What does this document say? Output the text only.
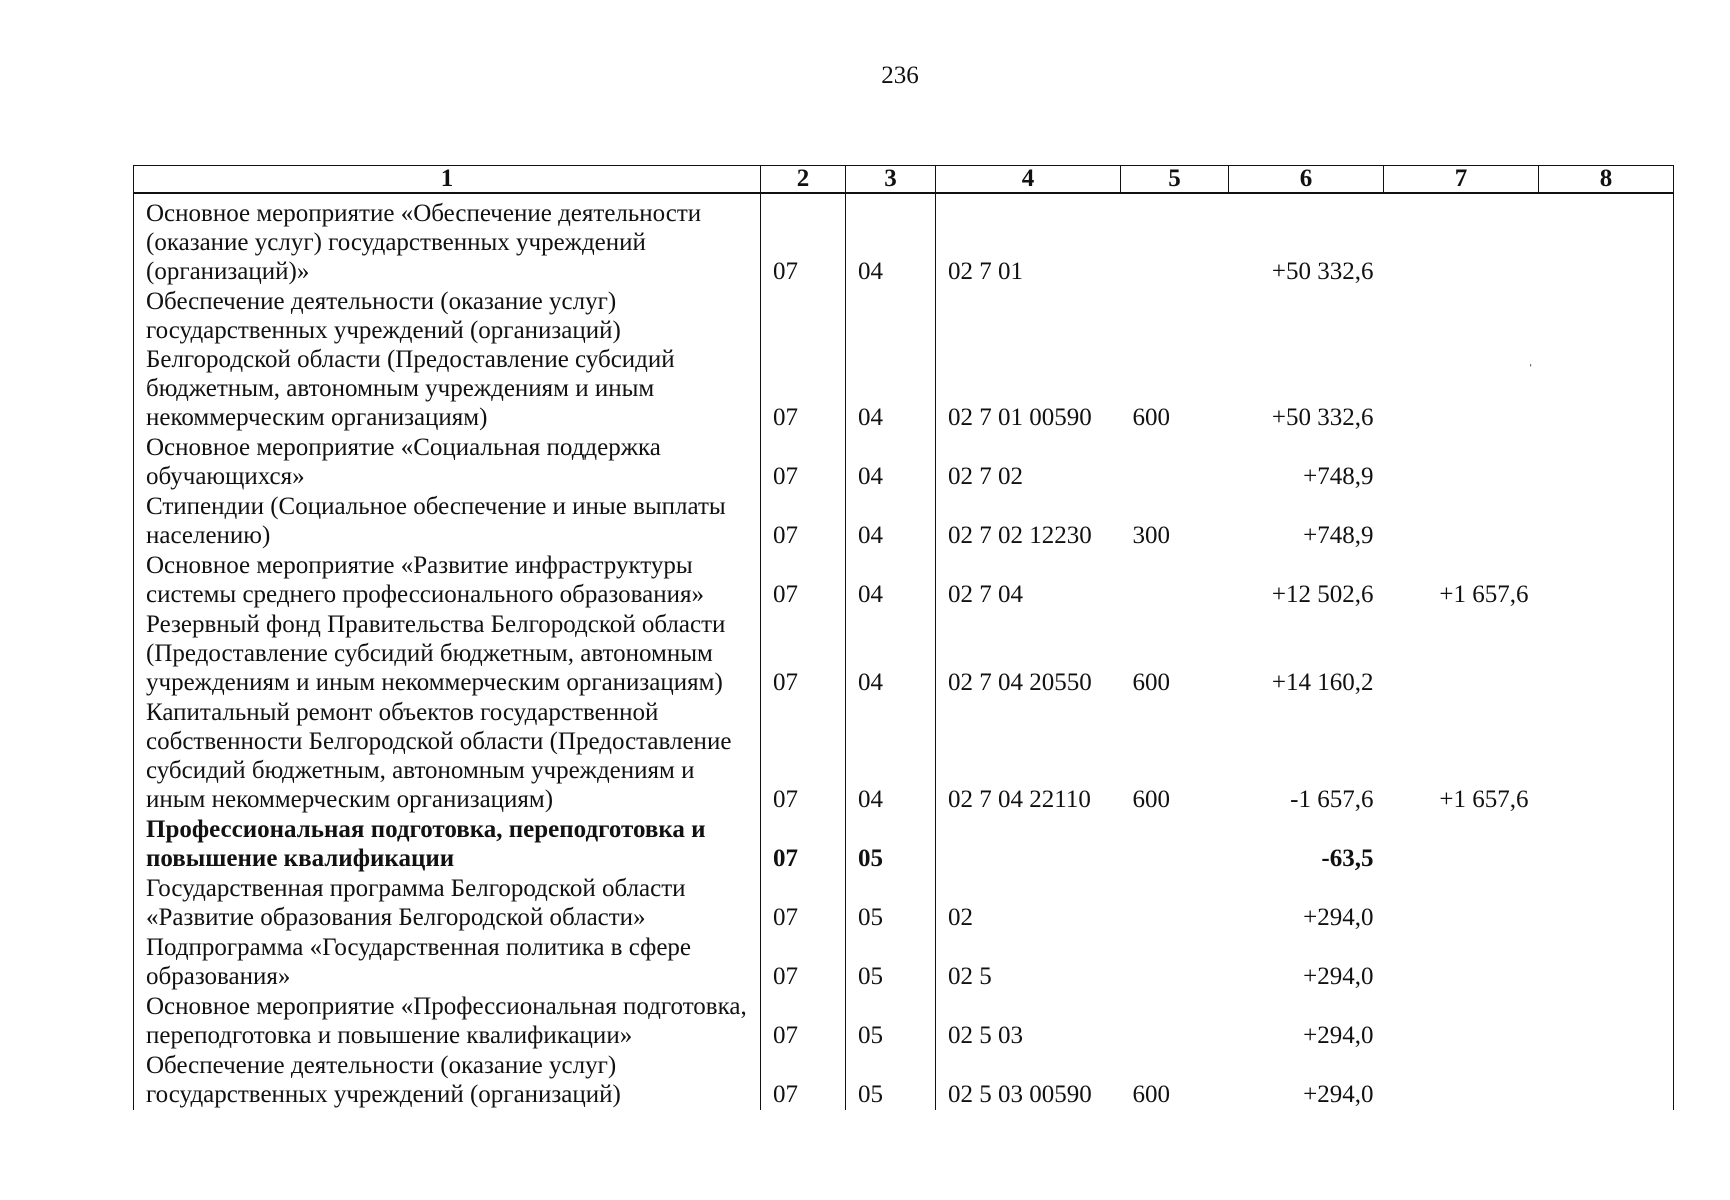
236
1	2	3	4	5	6	7	8
Основное мероприятие «Обеспечение деятельности (оказание услуг) государственных учреждений (организаций)»	07	04	02 7 01		+50 332,6		
Обеспечение деятельности (оказание услуг) государственных учреждений (организаций) Белгородской области (Предоставление субсидий бюджетным, автономным учреждениям и иным некоммерческим организациям)	07	04	02 7 01 00590	600	+50 332,6		
Основное мероприятие «Социальная поддержка обучающихся»	07	04	02 7 02		+748,9		
Стипендии (Социальное обеспечение и иные выплаты населению)	07	04	02 7 02 12230	300	+748,9		
Основное мероприятие «Развитие инфраструктуры системы среднего профессионального образования»	07	04	02 7 04		+12 502,6	+1 657,6	
Резервный фонд Правительства Белгородской области (Предоставление субсидий бюджетным, автономным учреждениям и иным некоммерческим организациям)	07	04	02 7 04 20550	600	+14 160,2		
Капитальный ремонт объектов государственной собственности Белгородской области (Предоставление субсидий бюджетным, автономным учреждениям и иным некоммерческим организациям)	07	04	02 7 04 22110	600	-1 657,6	+1 657,6	
Профессиональная подготовка, переподготовка и повышение квалификации	07	05			-63,5		
Государственная программа Белгородской области «Развитие образования Белгородской области»	07	05	02		+294,0		
Подпрограмма «Государственная политика в сфере образования»	07	05	02 5		+294,0		
Основное мероприятие «Профессиональная подготовка, переподготовка и повышение квалификации»	07	05	02 5 03		+294,0		
Обеспечение деятельности (оказание услуг) государственных учреждений (организаций)	07	05	02 5 03 00590	600	+294,0		
ˌ
